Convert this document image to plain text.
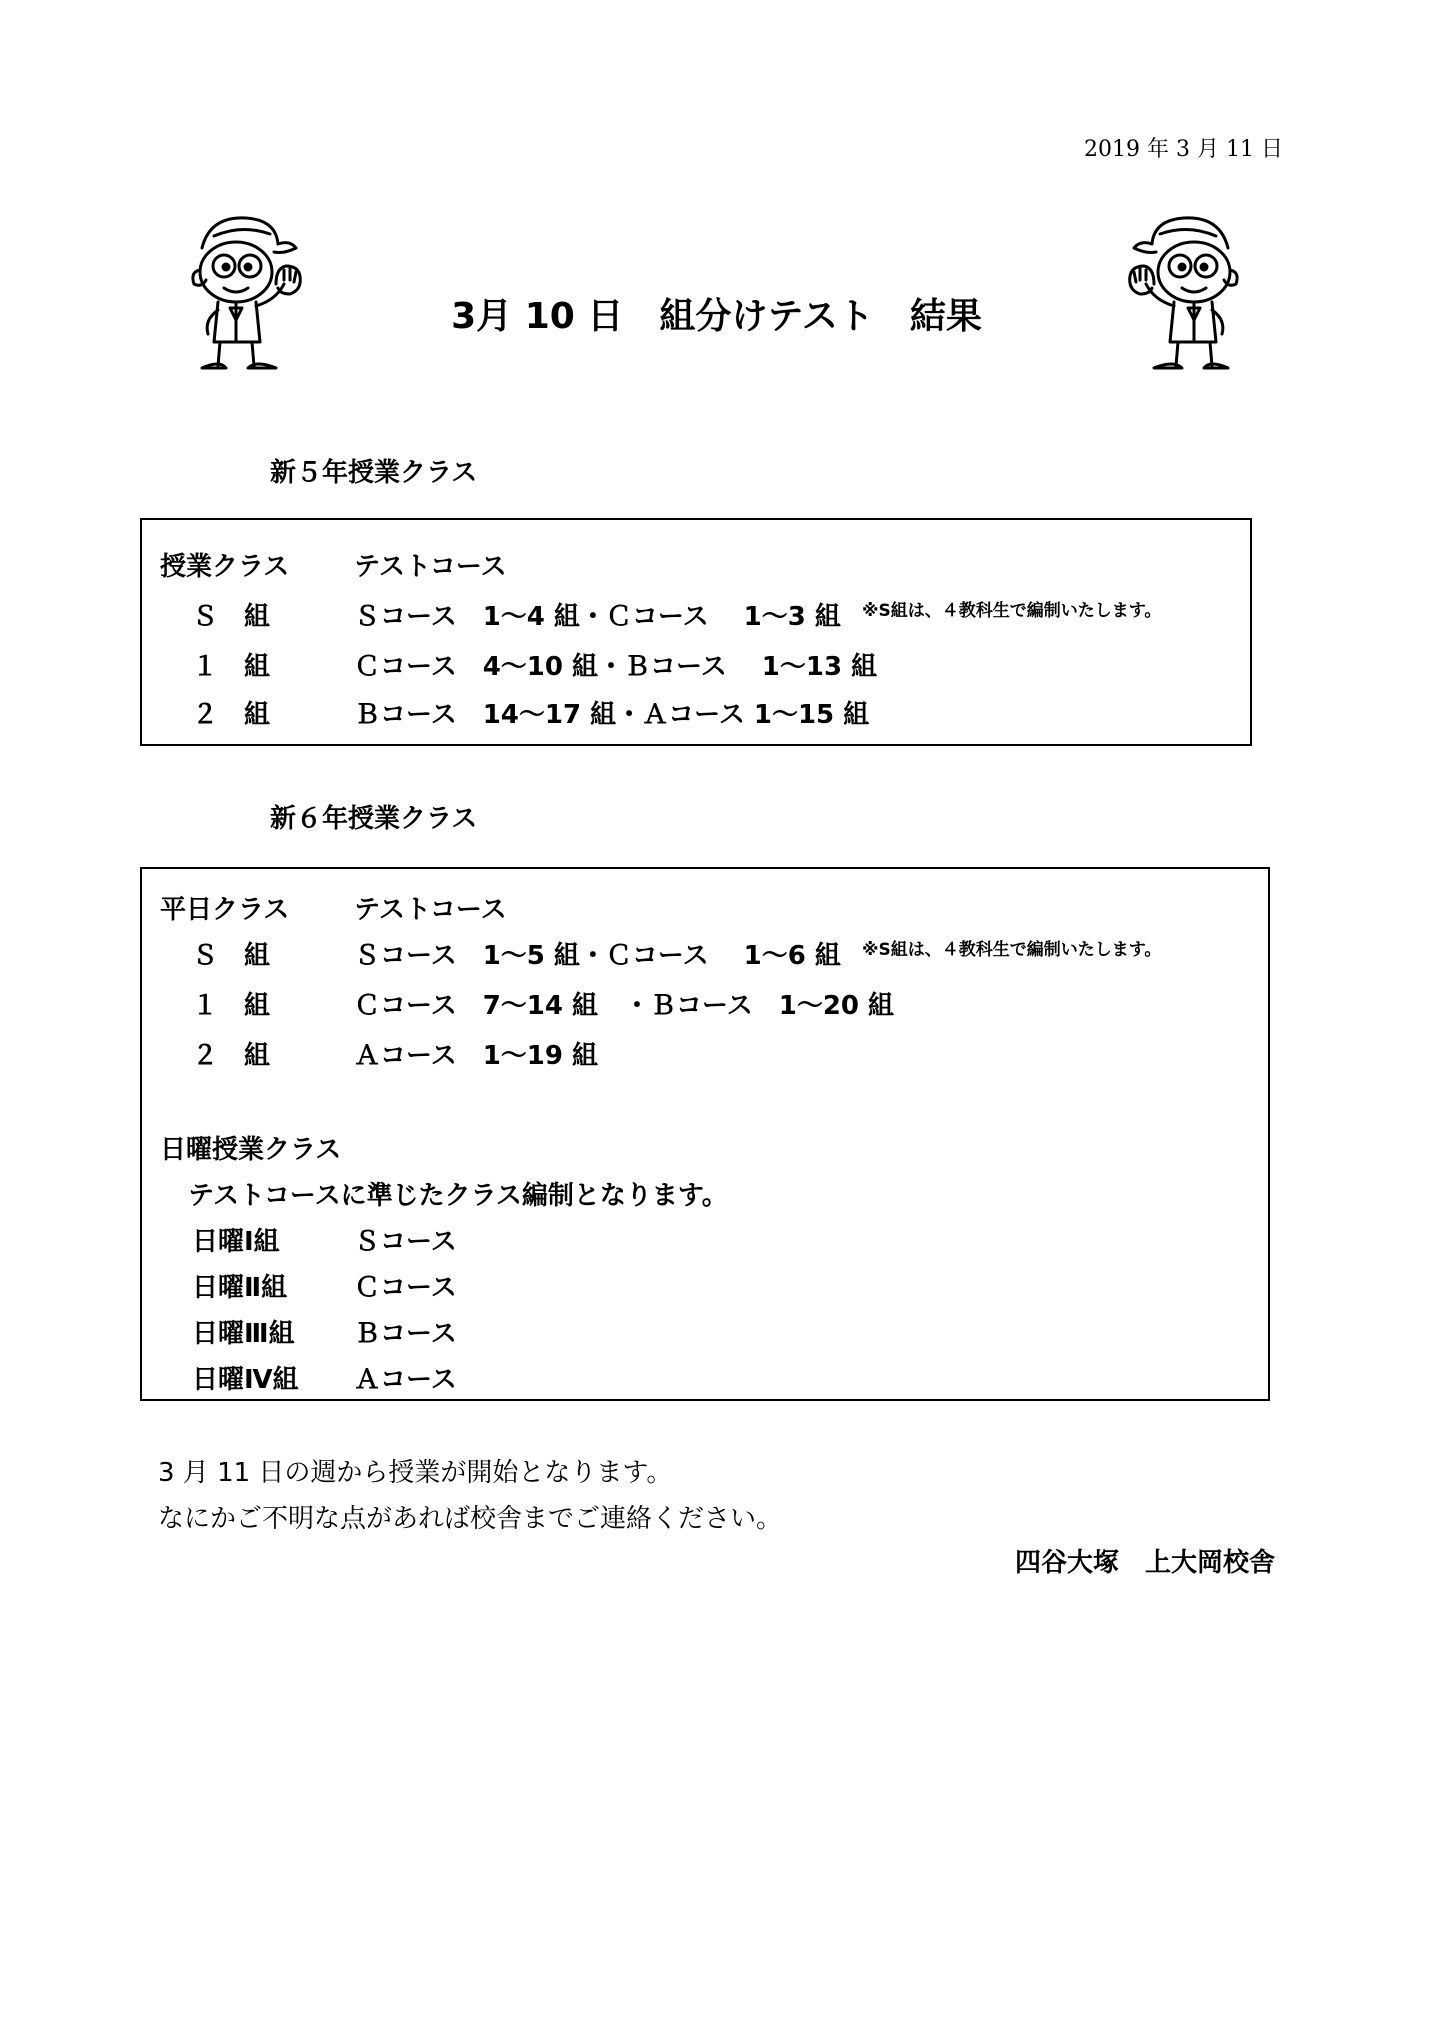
2019 年 3 月 11 日
3月 10 日　組分けテスト　結果
新５年授業クラス
授業クラス テストコース
Ｓ　組	Ｓコース　1～4 組・Ｃコース　 1～3 組 ※S組は、４教科生で編制いたします。
１　組	Ｃコース　4～10 組・Ｂコース　 1～13 組
２　組	Ｂコース　14～17 組・Ａコース 1～15 組
新６年授業クラス
平日クラス テストコース
Ｓ　組	Ｓコース　1～5 組・Ｃコース　 1～6 組 ※S組は、４教科生で編制いたします。
１　組	Ｃコース　7～14 組　・Ｂコース　1～20 組
２　組	Ａコース　1～19 組
日曜授業クラス
テストコースに準じたクラス編制となります。
日曜Ⅰ組	Ｓコース
日曜Ⅱ組	Ｃコース
日曜Ⅲ組 Ｂコース
日曜Ⅳ組 Ａコース
3 月 11 日の週から授業が開始となります。
なにかご不明な点があれば校舎までご連絡ください。
四谷大塚　上大岡校舎
